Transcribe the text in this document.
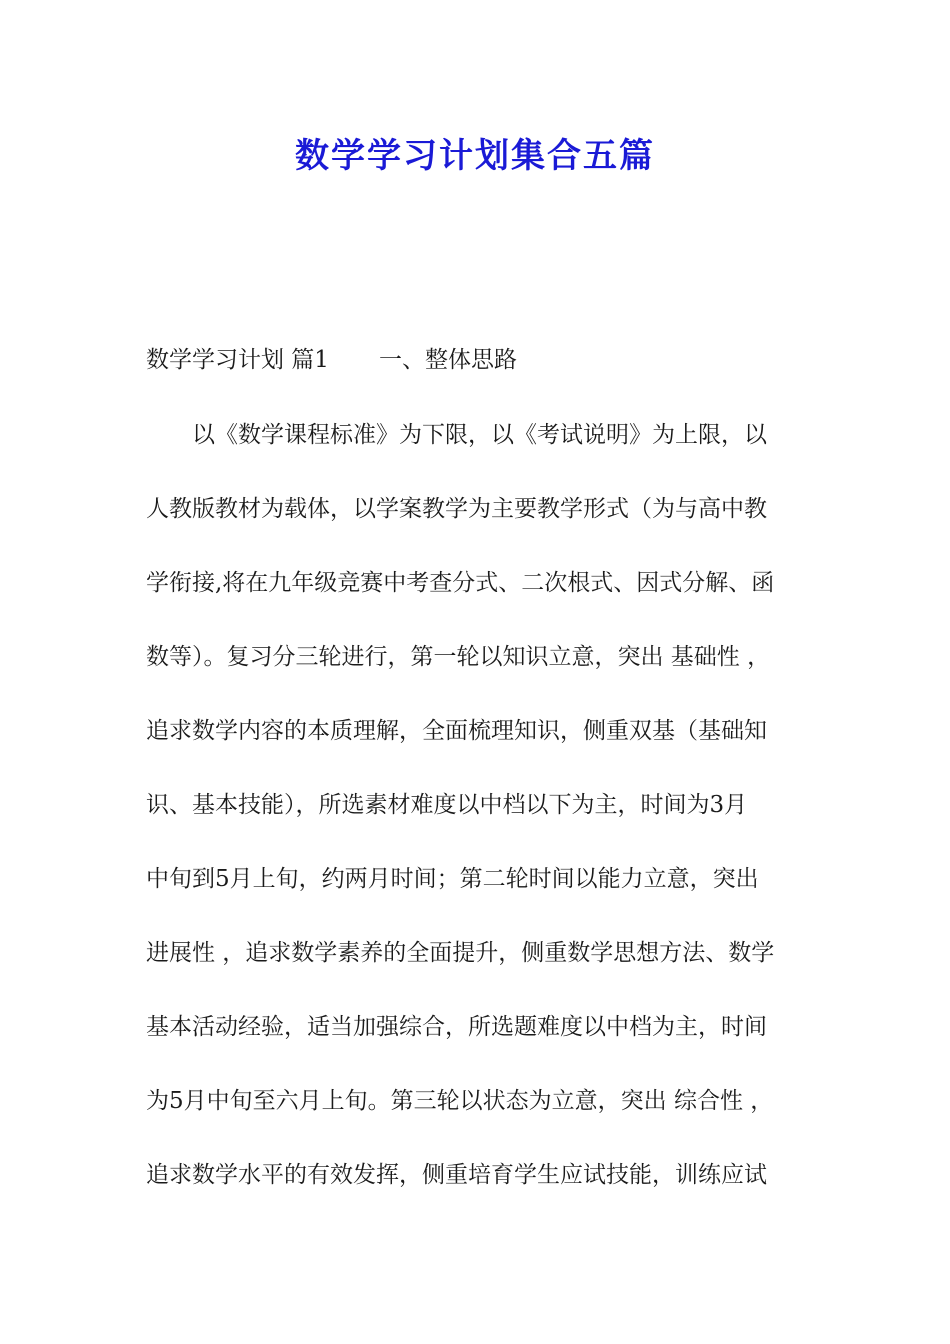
数学学习计划集合五篇

数学学习计划 篇1 一、整体思路

　　以《数学课程标准》为下限，以《考试说明》为上限，以

人教版教材为载体，以学案教学为主要教学形式（为与高中教

学衔接,将在九年级竞赛中考查分式、二次根式、因式分解、函

数等）。复习分三轮进行，第一轮以知识立意，突出 基础性 ，

追求数学内容的本质理解，全面梳理知识，侧重双基（基础知

识、基本技能），所选素材难度以中档以下为主，时间为3月

中旬到5月上旬，约两月时间；第二轮时间以能力立意，突出

进展性 ，追求数学素养的全面提升，侧重数学思想方法、数学

基本活动经验，适当加强综合，所选题难度以中档为主，时间

为5月中旬至六月上旬。第三轮以状态为立意，突出 综合性 ，

追求数学水平的有效发挥，侧重培育学生应试技能，训练应试
